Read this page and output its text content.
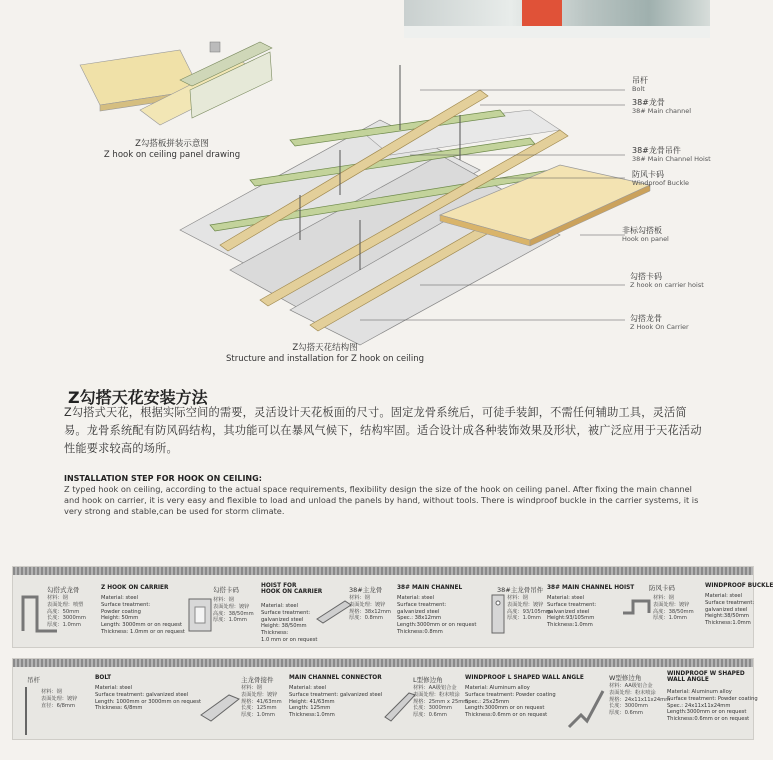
吊杆
Bolt
38#龙骨
38# Main channel
38#龙骨吊件
38# Main Channel Hoist
防风卡码
Windproof Buckle
非标勾搭板
Hook on panel
勾搭卡码
Z hook on carrier hoist
勾搭龙骨
Z Hook On Carrier
Z勾搭板拼装示意图
Z hook on ceiling panel drawing
Z勾搭天花结构图
Structure and installation for Z hook on ceiling
Z勾搭天花安装方法
Z勾搭式天花，根据实际空间的需要，灵活设计天花板面的尺寸。固定龙骨系统后，可徒手装卸，不需任何辅助工具，灵活简易。龙骨系统配有防风码结构，其功能可以在暴风气候下，结构牢固。适合设计成各种装饰效果及形状，被广泛应用于天花活动性能要求较高的场所。
INSTALLATION STEP FOR HOOK ON CEILING:
Z typed hook on ceiling, according to the actual space requirements, flexibility design the size of the hook on ceiling panel. After fixing the main channel and hook on carrier, it is very easy and flexible to load and unload the panels by hand, without tools. There is windproof buckle in the carrier systems, it is very strong and stable,can be used for storm climate.
勾搭式龙骨	Z HOOK ON CARRIER
材料：钢
表面处理：喷塑
高度：50mm
长度：3000mm
厚度：1.0mm
Material: steel
Surface treatment:
Powder coating
Height: 50mm
Length: 3000mm or on request
Thickness: 1.0mm or on request
勾搭卡码	HOIST FOR
HOOK ON CARRIER
材料：钢
表面处理：镀锌
高度：38/50mm
厚度：1.0mm
Material: steel
Surface treatment:
galvanized steel
Height: 38/50mm
Thickness:
1.0 mm or on request
38#主龙骨	38# MAIN CHANNEL
材料：钢
表面处理：镀锌
规格：38x12mm
厚度：0.8mm
Material: steel
Surface treatment:
galvanized steel
Spec.: 38x12mm
Length:3000mm or on request
Thickness:0.8mm
38#主龙骨吊件 38# MAIN CHANNEL HOIST
材料：钢
表面处理：镀锌
高度：93/105mm
厚度：1.0mm
Material: steel
Surface treatment:
galvanized steel
Height:93/105mm
Thickness:1.0mm
防风卡码	WINDPROOF BUCKLE
材料：钢
表面处理：镀锌
高度：38/50mm
厚度：1.0mm
Material: steel
Surface treatment:
galvanized steel
Height:38/50mm
Thickness:1.0mm
吊杆	BOLT
材料：钢
表面处理：镀锌
直径：6/8mm
Material: steel
Surface treatment: galvanized steel
Length: 1000mm or 3000mm on request
Thickness: 6/8mm
主龙骨接件	MAIN CHANNEL CONNECTOR
材料：钢
表面处理：镀锌
规格：41/63mm
长度：125mm
厚度：1.0mm
Material: steel
Surface treatment: galvanized steel
Height: 41/63mm
Length: 125mm
Thickness:1.0mm
L型修边角	WINDPROOF L SHAPED WALL ANGLE
材料：AA级铝合金
表面处理：粉末喷涂
规格：25mm x 25mm
长度：3000mm
厚度：0.6mm
Material: Aluminum alloy
Surface treatment: Powder coating
Spec.: 25x25mm
Length:3000mm or on request
Thickness:0.6mm or on request
W型修边角	WINDPROOF W SHAPED
WALL ANGLE
材料：AA级铝合金
表面处理：粉末喷涂
规格：24x11x11x24mm
长度：3000mm
厚度：0.6mm
Material: Aluminum alloy
Surface treatment: Powder coating
Spec.: 24x11x11x24mm
Length:3000mm or on request
Thickness:0.6mm or on request
